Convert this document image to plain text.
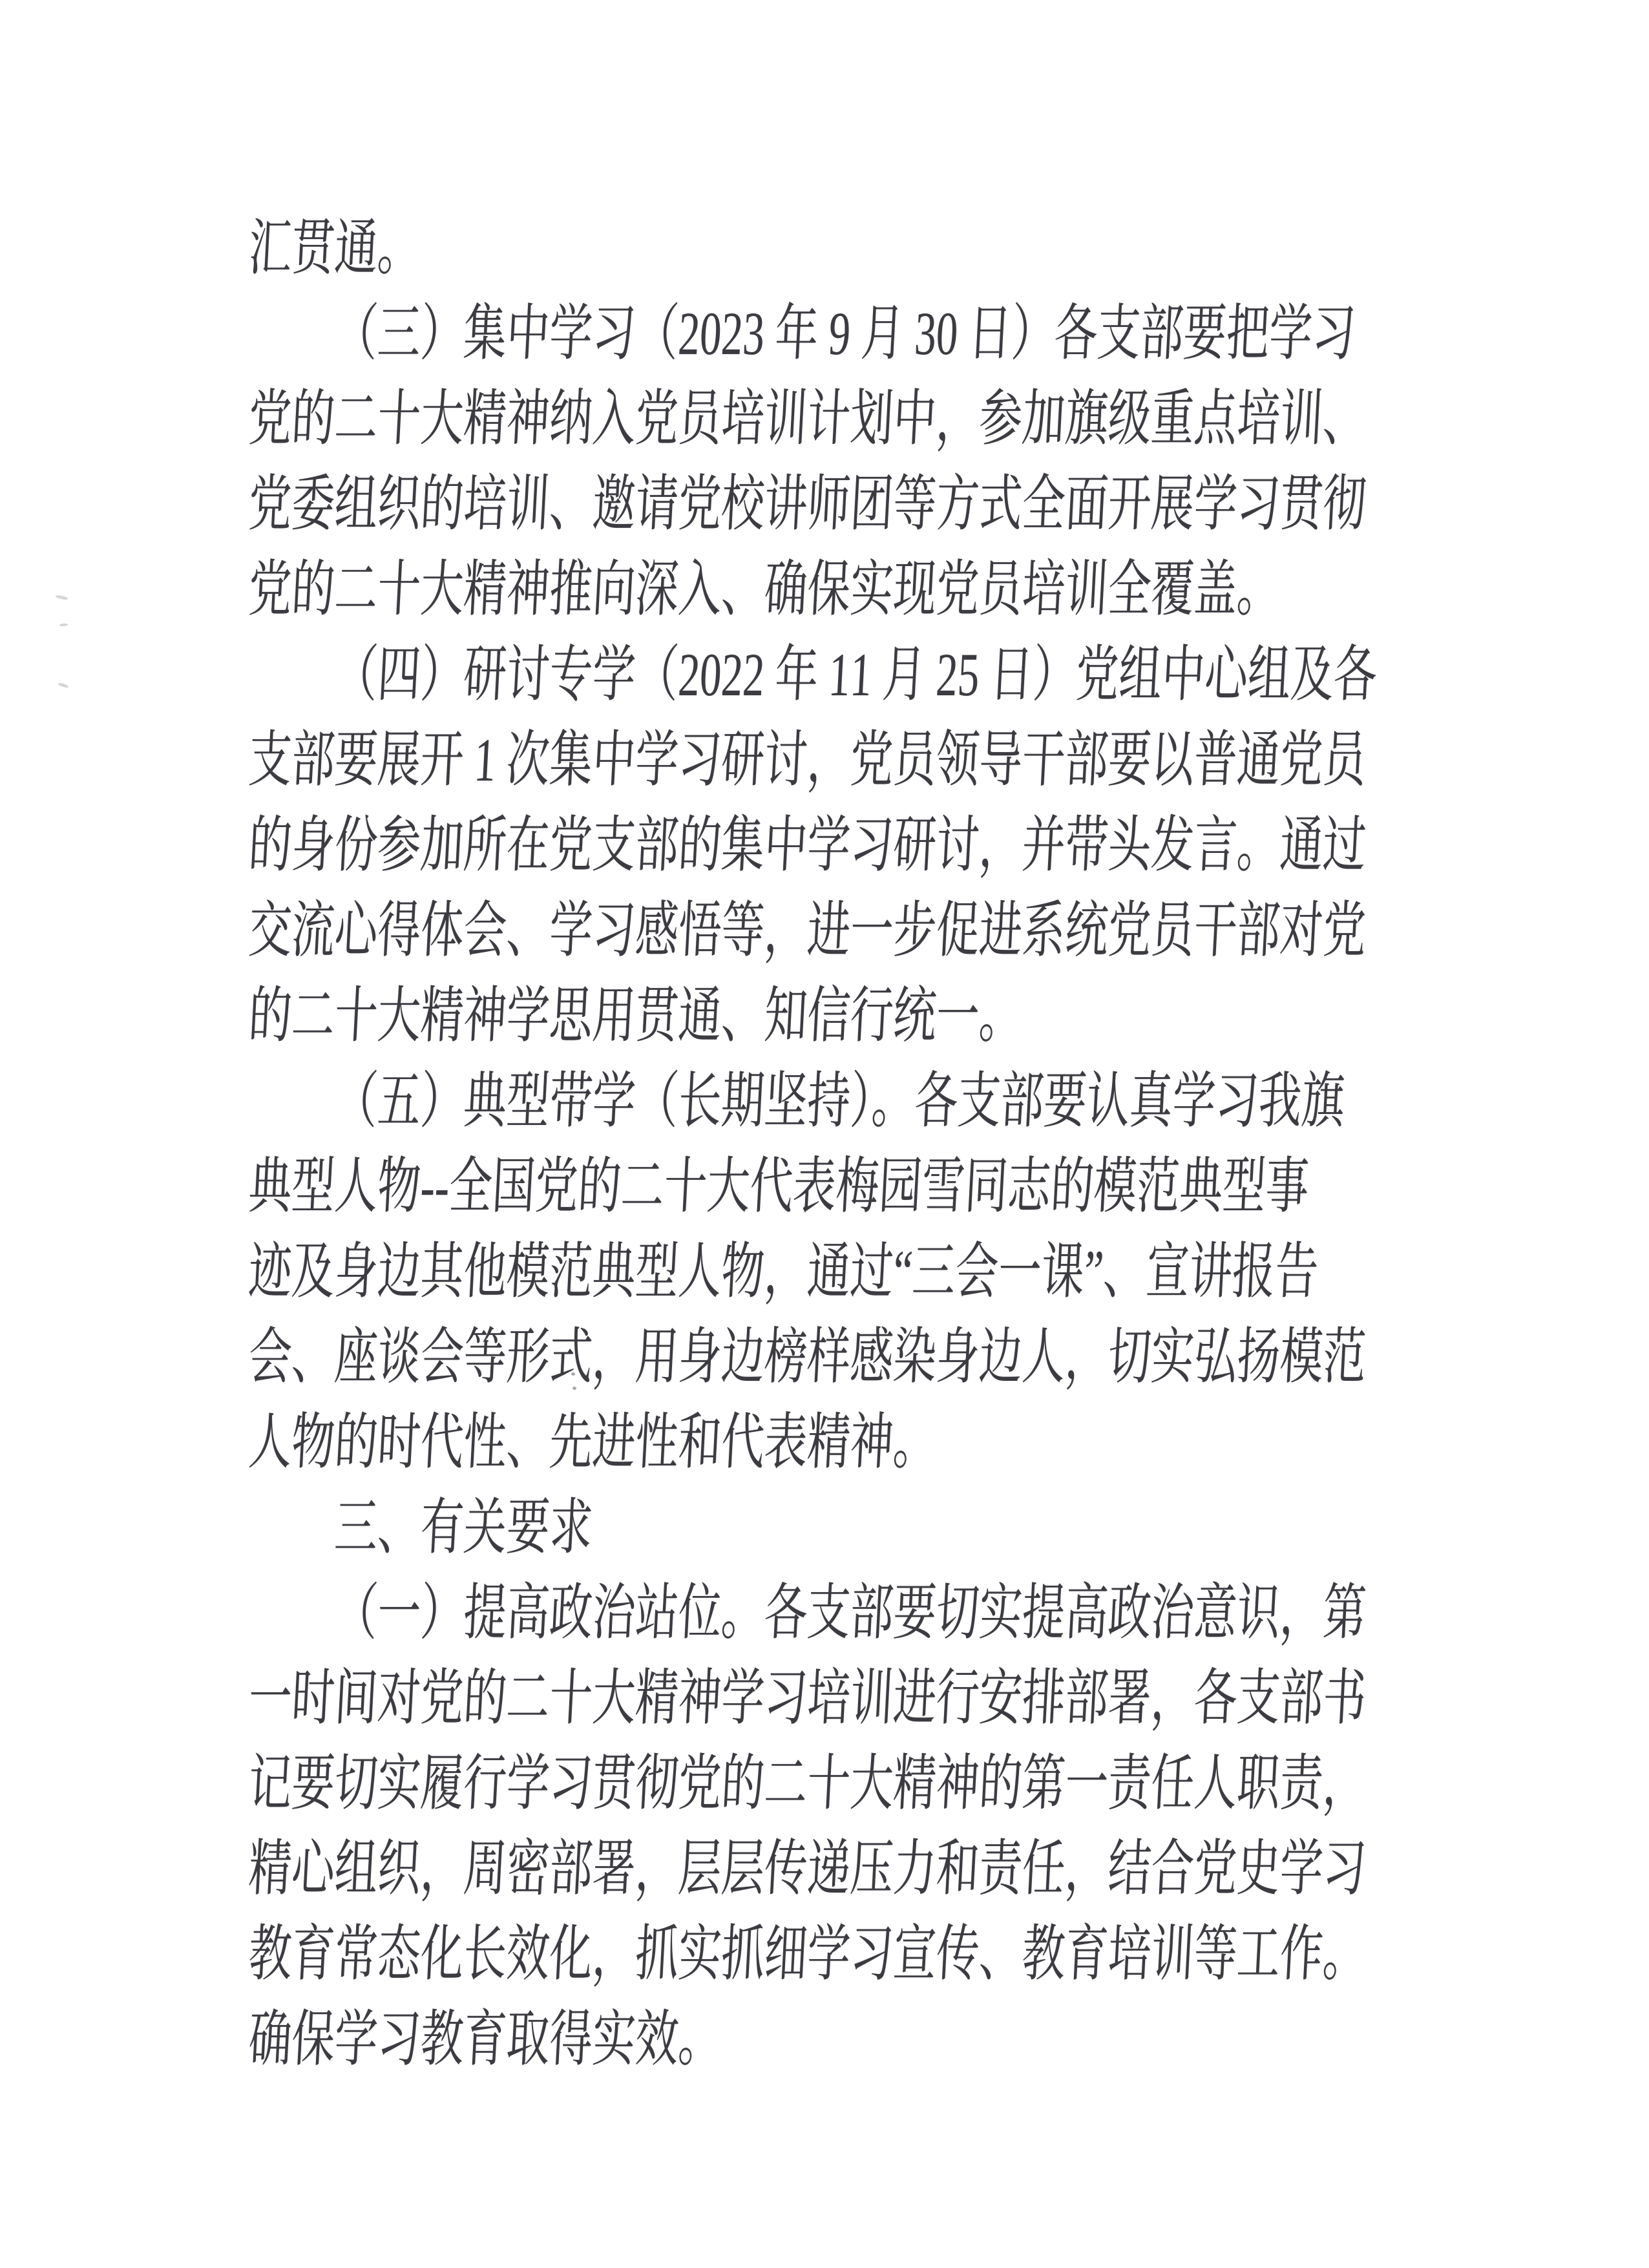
汇贯通。
（三）集中学习（2023 年 9 月 30 日）各支部要把学习
党的二十大精神纳入党员培训计划中，参加旗级重点培训、
党委组织的培训、邀请党校讲师团等方式全面开展学习贯彻
党的二十大精神推向深入、确保实现党员培训全覆盖。
（四）研讨专学（2022 年 11 月 25 日）党组中心组及各
支部要展开 1 次集中学习研讨，党员领导干部要以普通党员
的身份参加所在党支部的集中学习研讨，并带头发言。通过
交流心得体会、学习感悟等，进一步促进系统党员干部对党
的二十大精神学思用贯通、知信行统一。
（五）典型带学（长期坚持）。各支部要认真学习我旗
典型人物--全国党的二十大代表梅园雪同志的模范典型事
迹及身边其他模范典型人物，通过“三会一课”、宣讲报告
会、座谈会等形式，用身边榜样感染身边人，切实弘扬模范
人物的时代性、先进性和代表精神。
三、有关要求
（一）提高政治站位。各支部要切实提高政治意识，第
一时间对党的二十大精神学习培训进行安排部署，各支部书
记要切实履行学习贯彻党的二十大精神的第一责任人职责，
精心组织，周密部署，层层传递压力和责任，结合党史学习
教育常态化长效化，抓实抓细学习宣传、教育培训等工作。
确保学习教育取得实效。
